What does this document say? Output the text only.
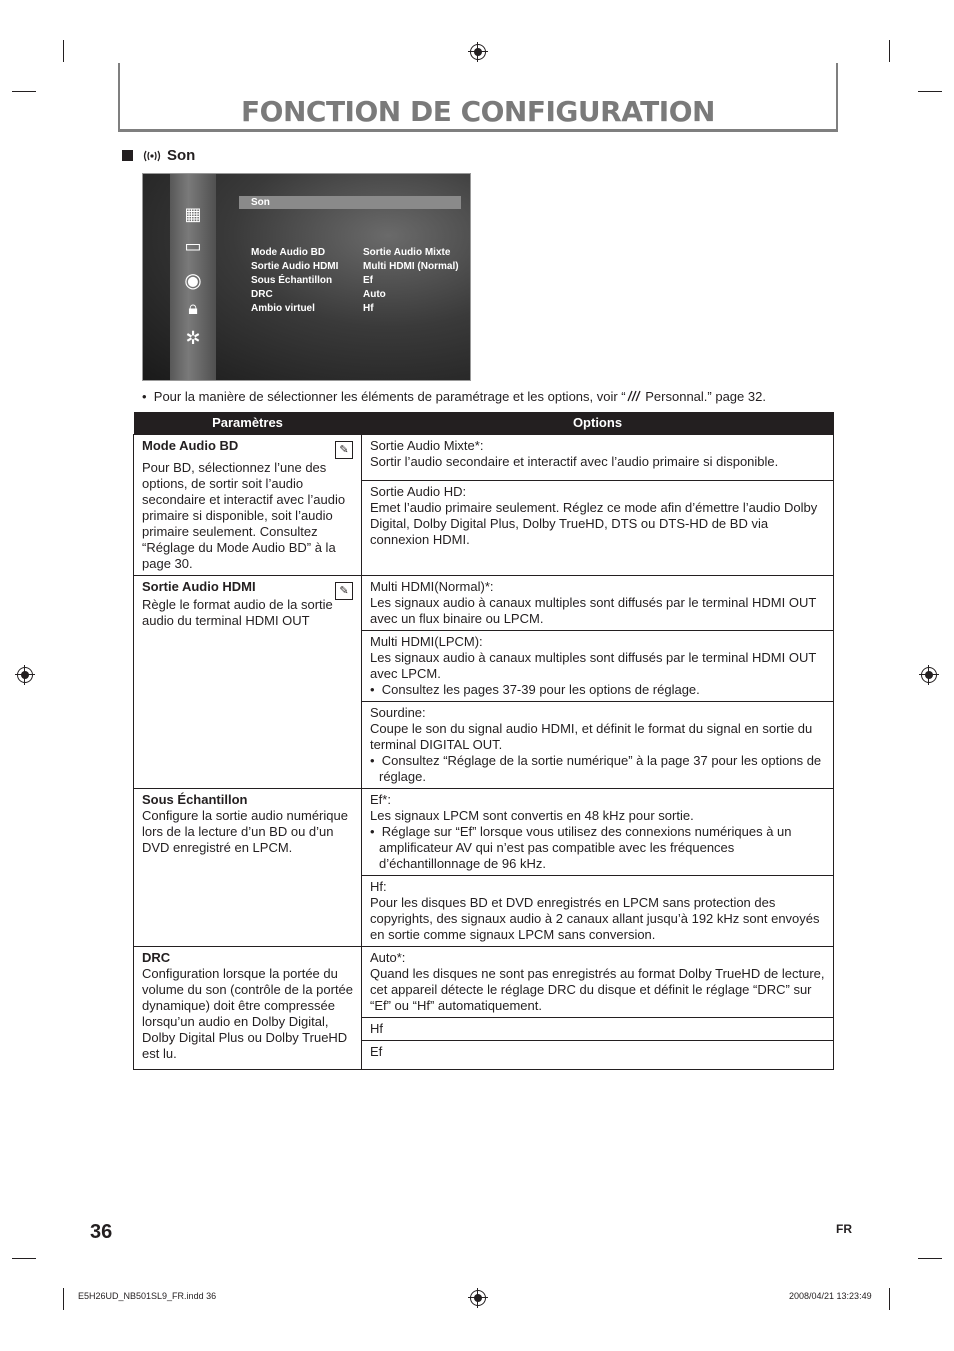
FONCTION DE CONFIGURATION
Son
▦
▭
◉
🔒︎
✲
Son
Mode Audio BD	Sortie Audio Mixte
Sortie Audio HDMI Multi HDMI (Normal)
Sous Échantillon	Ef
DRC	Auto
Ambio virtuel	Hf
•  Pour la manière de sélectionner les éléments de paramétrage et les options, voir “ Personnal.” page 32.
Paramètres	Options

Mode Audio BD ✎
Pour BD, sélectionnez l’une des options, de sortir soit l’audio secondaire et interactif avec l’audio primaire si disponible, soit l’audio primaire seulement. Consultez “Réglage du Mode Audio BD” à la page 30.	Sortie Audio Mixte*:
Sortir l’audio secondaire et interactif avec l’audio primaire si disponible.

	Sortie Audio HD:
Emet l’audio primaire seulement. Réglez ce mode afin d’émettre l’audio Dolby Digital, Dolby Digital Plus, Dolby TrueHD, DTS ou DTS-HD de BD via connexion HDMI.

Sortie Audio HDMI ✎
Règle le format audio de la sortie audio du terminal HDMI OUT	Multi HDMI(Normal)*:
Les signaux audio à canaux multiples sont diffusés par le terminal HDMI OUT avec un flux binaire ou LPCM.

	Multi HDMI(LPCM):
Les signaux audio à canaux multiples sont diffusés par le terminal HDMI OUT avec LPCM.
•  Consultez les pages 37-39 pour les options de réglage.

	Sourdine:
Coupe le son du signal audio HDMI, et définit le format du signal en sortie du terminal DIGITAL OUT.
•  Consultez “Réglage de la sortie numérique” à la page 37 pour les options de réglage.

Sous Échantillon
Configure la sortie audio numérique lors de la lecture d’un BD ou d’un DVD enregistré en LPCM.	Ef*:
Les signaux LPCM sont convertis en 48 kHz pour sortie.
•  Réglage sur “Ef” lorsque vous utilisez des connexions numériques à un amplificateur AV qui n’est pas compatible avec les fréquences d’échantillonnage de 96 kHz.

	Hf:
Pour les disques BD et DVD enregistrés en LPCM sans protection des copyrights, des signaux audio à 2 canaux allant jusqu’à 192 kHz sont envoyés en sortie comme signaux LPCM sans conversion.

DRC
Configuration lorsque la portée du volume du son (contrôle de la portée dynamique) doit être compressée lorsqu’un audio en Dolby Digital, Dolby Digital Plus ou Dolby TrueHD est lu.	Auto*:
Quand les disques ne sont pas enregistrés au format Dolby TrueHD de lecture, cet appareil détecte le réglage DRC du disque et définit le réglage “DRC” sur “Ef” ou “Hf” automatiquement.

	Hf

	Ef
36	FR
E5H26UD_NB501SL9_FR.indd 36	2008/04/21 13:23:49
